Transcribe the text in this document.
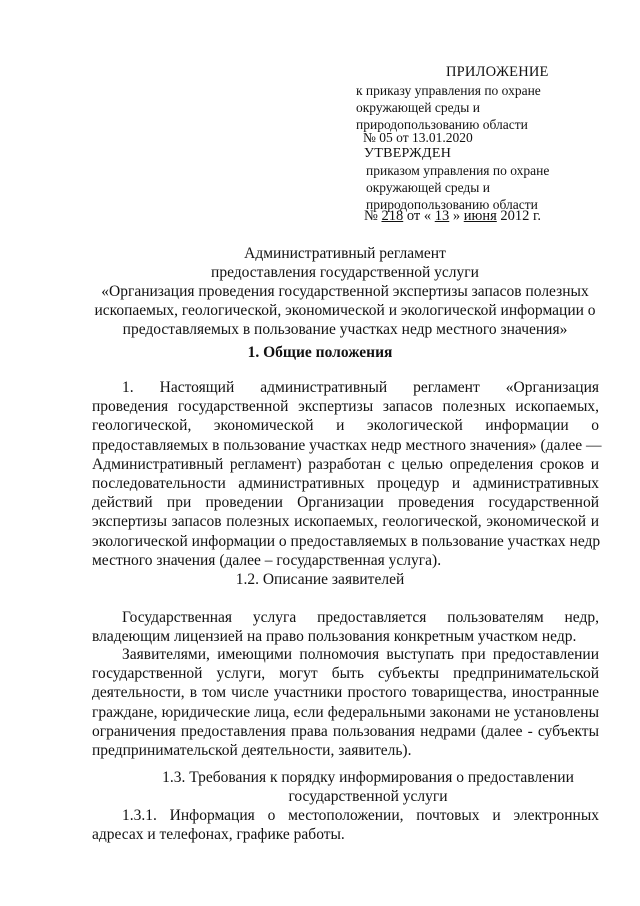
ПРИЛОЖЕНИЕ
к приказу управления по охране
окружающей среды и
природопользованию области
№ 05 от 13.01.2020
УТВЕРЖДЕН
приказом управления по охране
окружающей среды и
природопользованию области
№ 218 от « 13 » июня 2012 г.
Административный регламент
предоставления государственной услуги
«Организация проведения государственной экспертизы запасов полезных
ископаемых, геологической, экономической и экологической информации о
предоставляемых в пользование участках недр местного значения»
1. Общие положения
1. Настоящий административный регламент «Организация
проведения государственной экспертизы запасов полезных ископаемых,
геологической, экономической и экологической информации о
предоставляемых в пользование участках недр местного значения» (далее —
Административный регламент) разработан с целью определения сроков и
последовательности административных процедур и административных
действий при проведении Организации проведения государственной
экспертизы запасов полезных ископаемых, геологической, экономической и
экологической информации о предоставляемых в пользование участках недр
местного значения (далее – государственная услуга).
1.2. Описание заявителей
Государственная услуга предоставляется пользователям недр,
владеющим лицензией на право пользования конкретным участком недр.
Заявителями, имеющими полномочия выступать при предоставлении
государственной услуги, могут быть субъекты предпринимательской
деятельности, в том числе участники простого товарищества, иностранные
граждане, юридические лица, если федеральными законами не установлены
ограничения предоставления права пользования недрами (далее - субъекты
предпринимательской деятельности, заявитель).
1.3. Требования к порядку информирования о предоставлении
государственной услуги
1.3.1. Информация о местоположении, почтовых и электронных
адресах и телефонах, графике работы.
